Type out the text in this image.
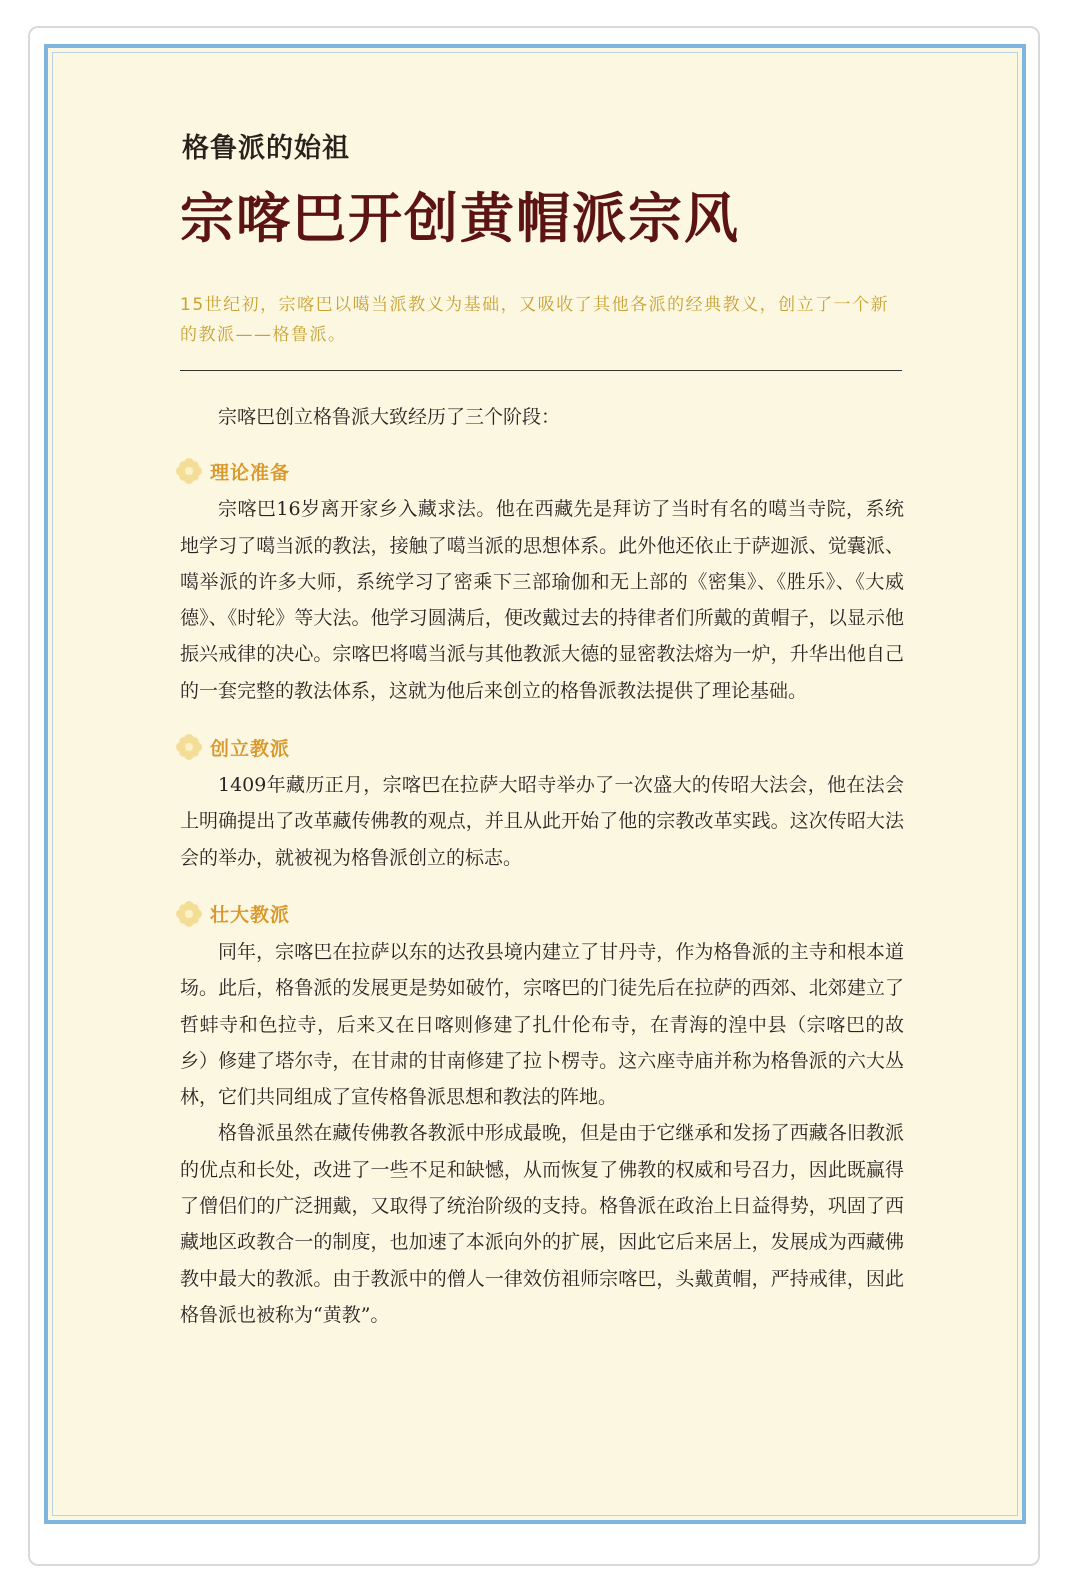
格鲁派的始祖
宗喀巴开创黄帽派宗风
15世纪初，宗喀巴以噶当派教义为基础，又吸收了其他各派的经典教义，创立了一个新的教派——格鲁派。

宗喀巴创立格鲁派大致经历了三个阶段：

理论准备

宗喀巴16岁离开家乡入藏求法。他在西藏先是拜访了当时有名的噶当寺院，系统地学习了噶当派的教法，接触了噶当派的思想体系。此外他还依止于萨迦派、觉囊派、噶举派的许多大师，系统学习了密乘下三部瑜伽和无上部的《密集》、《胜乐》、《大威德》、《时轮》等大法。他学习圆满后，便改戴过去的持律者们所戴的黄帽子，以显示他振兴戒律的决心。宗喀巴将噶当派与其他教派大德的显密教法熔为一炉，升华出他自己的一套完整的教法体系，这就为他后来创立的格鲁派教法提供了理论基础。

创立教派

1409年藏历正月，宗喀巴在拉萨大昭寺举办了一次盛大的传昭大法会，他在法会上明确提出了改革藏传佛教的观点，并且从此开始了他的宗教改革实践。这次传昭大法会的举办，就被视为格鲁派创立的标志。

壮大教派

同年，宗喀巴在拉萨以东的达孜县境内建立了甘丹寺，作为格鲁派的主寺和根本道场。此后，格鲁派的发展更是势如破竹，宗喀巴的门徒先后在拉萨的西郊、北郊建立了哲蚌寺和色拉寺，后来又在日喀则修建了扎什伦布寺，在青海的湟中县（宗喀巴的故乡）修建了塔尔寺，在甘肃的甘南修建了拉卜楞寺。这六座寺庙并称为格鲁派的六大丛林，它们共同组成了宣传格鲁派思想和教法的阵地。

格鲁派虽然在藏传佛教各教派中形成最晚，但是由于它继承和发扬了西藏各旧教派的优点和长处，改进了一些不足和缺憾，从而恢复了佛教的权威和号召力，因此既赢得了僧侣们的广泛拥戴，又取得了统治阶级的支持。格鲁派在政治上日益得势，巩固了西藏地区政教合一的制度，也加速了本派向外的扩展，因此它后来居上，发展成为西藏佛教中最大的教派。由于教派中的僧人一律效仿祖师宗喀巴，头戴黄帽，严持戒律，因此格鲁派也被称为“黄教”。
